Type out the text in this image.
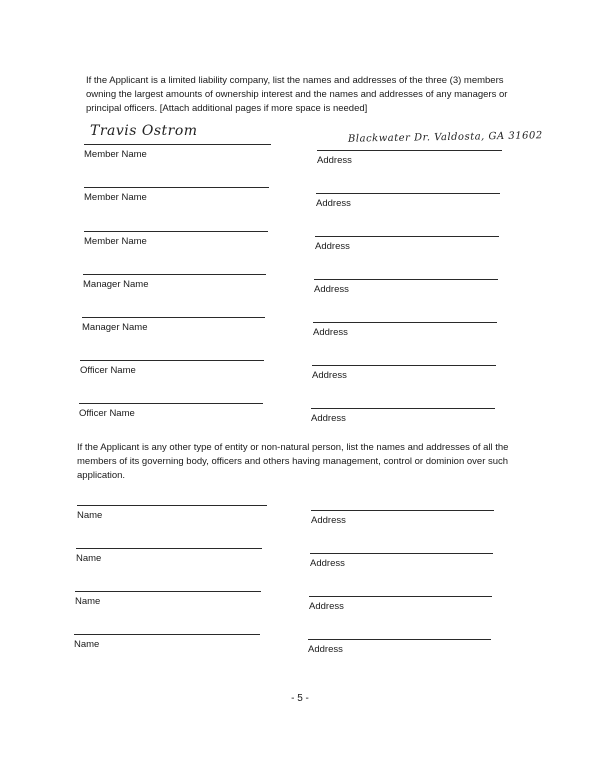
If the Applicant is a limited liability company, list the names and addresses of the three (3) members owning the largest amounts of ownership interest and the names and addresses of any managers or principal officers. [Attach additional pages if more space is needed]

Travis Ostrom	Blackwater Dr. Valdosta, GA 31602
Member Name
Member Name
Member Name
Manager Name
Manager Name
Officer Name
Officer Name
Address
Address
Address
Address
Address
Address
Address

If the Applicant is any other type of entity or non-natural person, list the names and addresses of all the members of its governing body, officers and others having management, control or dominion over such application.

Name
Name
Name
Name
Address
Address
Address
Address
- 5 -
